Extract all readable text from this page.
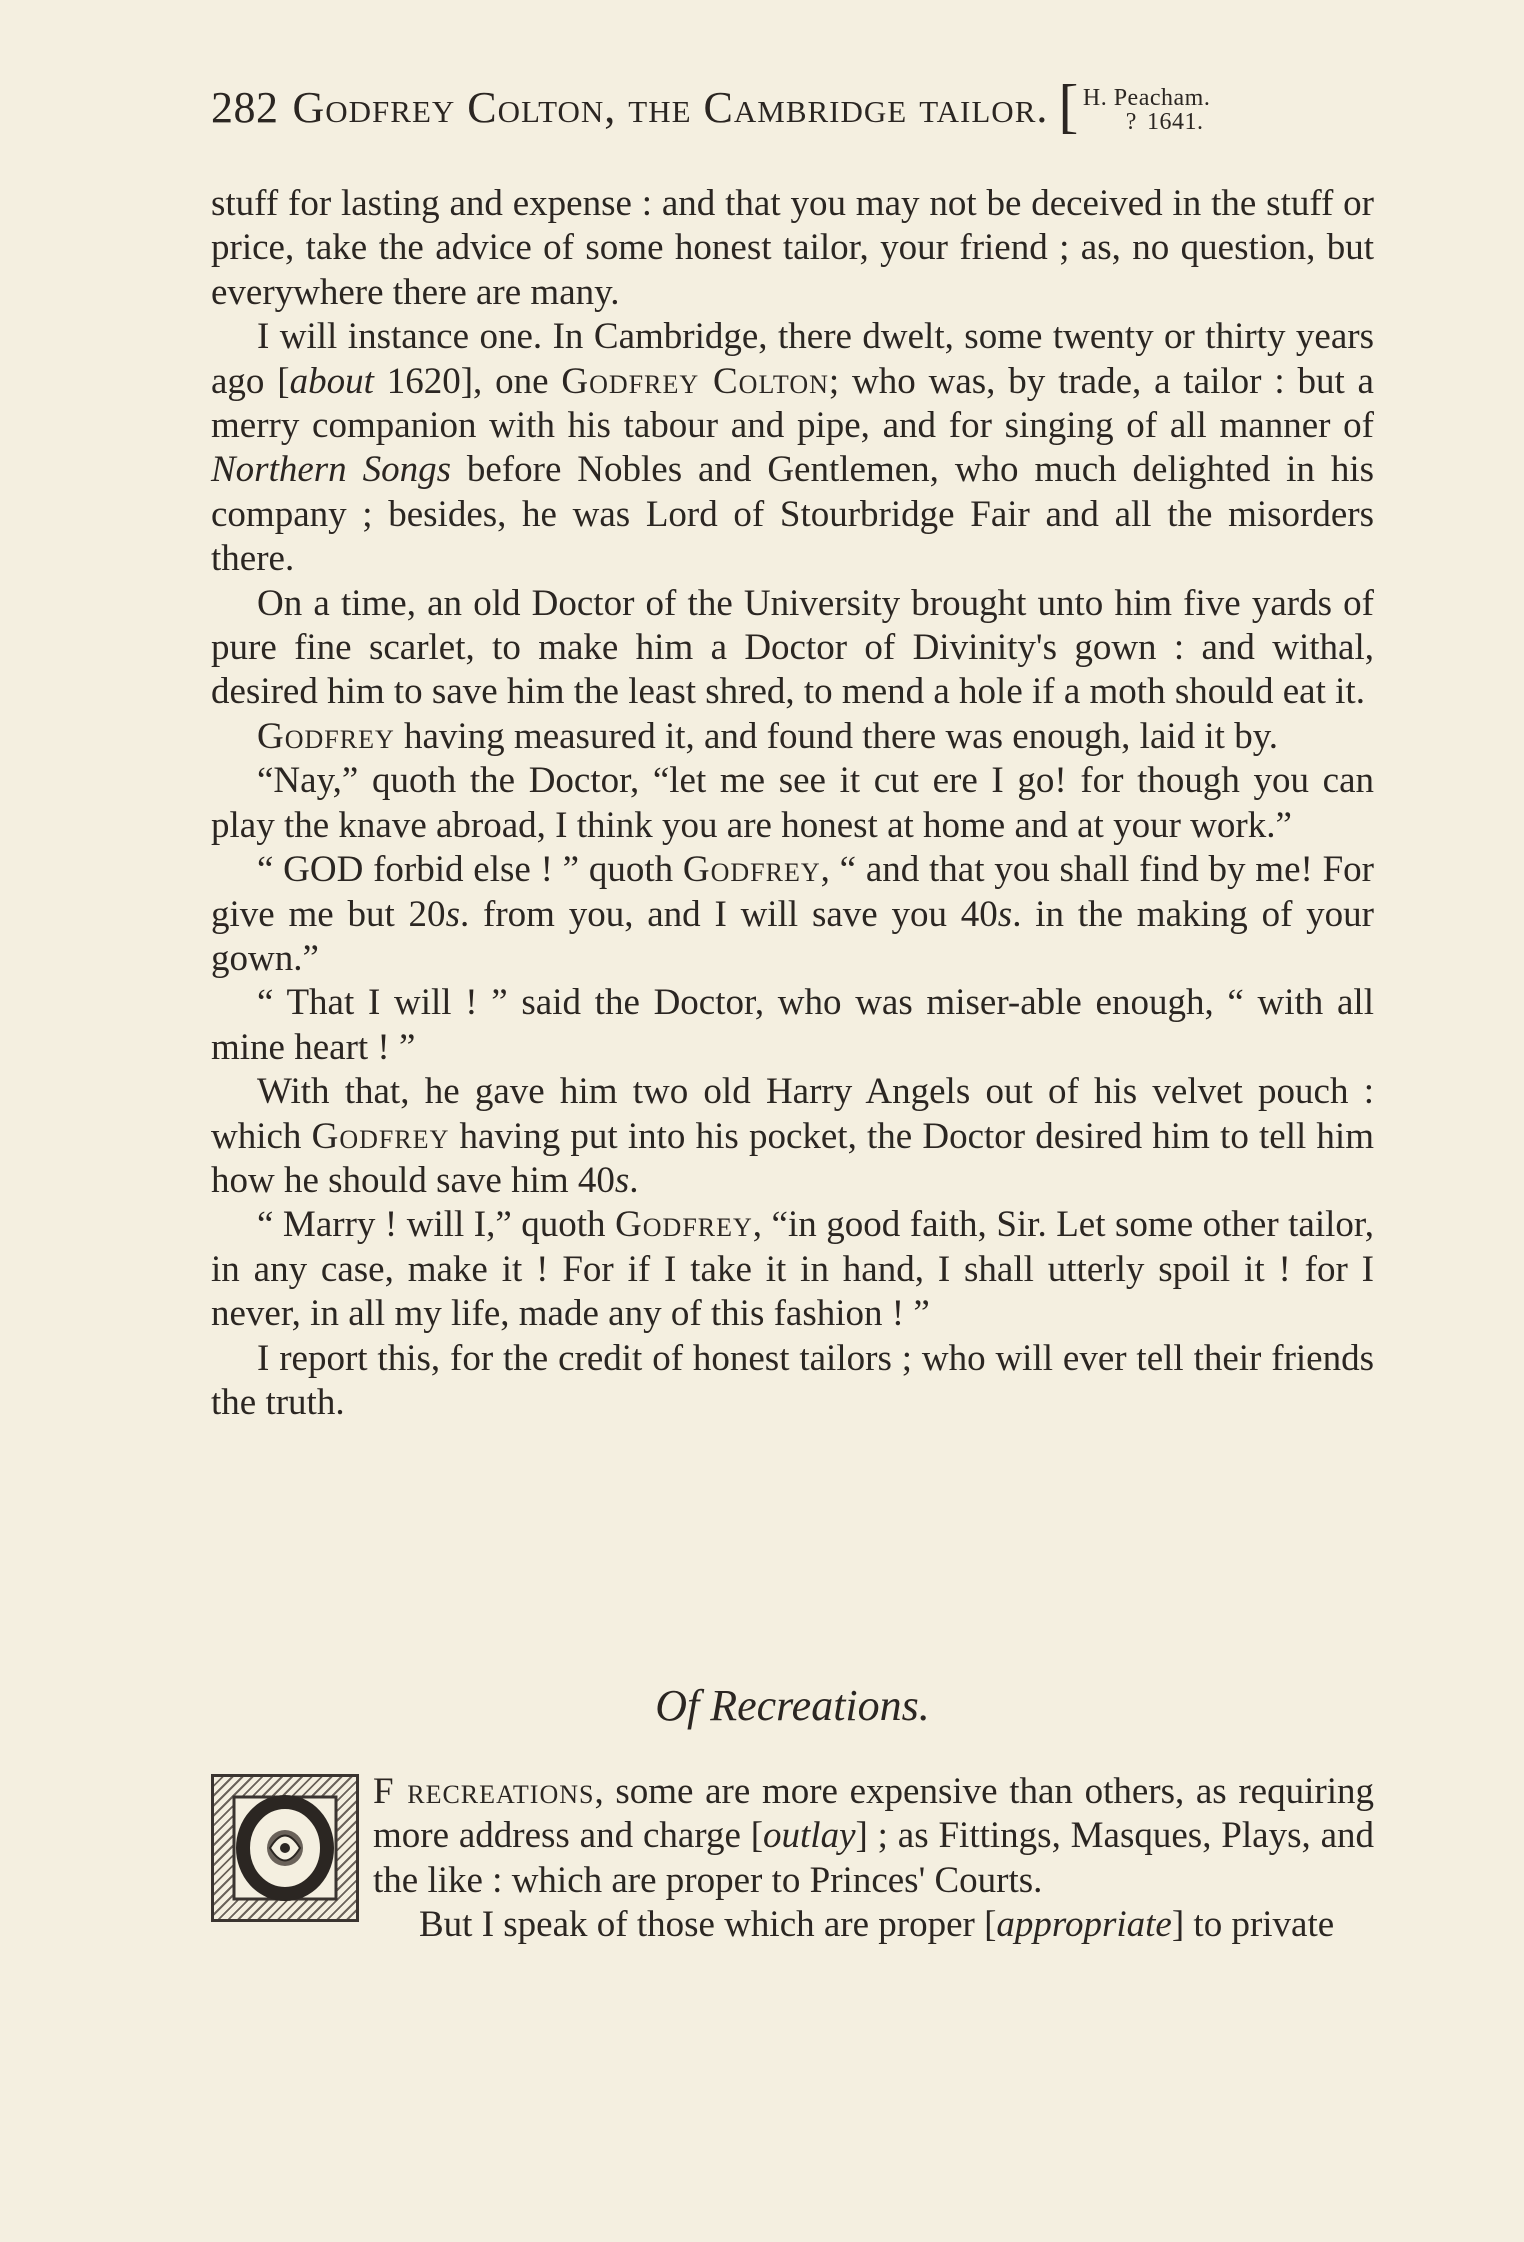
282 Godfrey Colton, the Cambridge tailor. [ H. Peacham.
? 1641.

stuff for lasting and expense : and that you may not be deceived in the stuff or price, take the advice of some honest tailor, your friend ; as, no question, but everywhere there are many.

I will instance one. In Cambridge, there dwelt, some twenty or thirty years ago [about 1620], one Godfrey Colton; who was, by trade, a tailor : but a merry companion with his tabour and pipe, and for singing of all manner of Northern Songs before Nobles and Gentlemen, who much delighted in his company ; besides, he was Lord of Stourbridge Fair and all the misorders there.

On a time, an old Doctor of the University brought unto him five yards of pure fine scarlet, to make him a Doctor of Divinity's gown : and withal, desired him to save him the least shred, to mend a hole if a moth should eat it.

Godfrey having measured it, and found there was enough, laid it by.

“Nay,” quoth the Doctor, “let me see it cut ere I go! for though you can play the knave abroad, I think you are honest at home and at your work.”

“ GOD forbid else ! ” quoth Godfrey, “ and that you shall find by me! For give me but 20s. from you, and I will save you 40s. in the making of your gown.”

“ That I will ! ” said the Doctor, who was miser-able enough, “ with all mine heart ! ”

With that, he gave him two old Harry Angels out of his velvet pouch : which Godfrey having put into his pocket, the Doctor desired him to tell him how he should save him 40s.

“ Marry ! will I,” quoth Godfrey, “in good faith, Sir. Let some other tailor, in any case, make it ! For if I take it in hand, I shall utterly spoil it ! for I never, in all my life, made any of this fashion ! ”

I report this, for the credit of honest tailors ; who will ever tell their friends the truth.

Of Recreations.

F recreations, some are more expensive than others, as requiring more address and charge [outlay] ; as Fittings, Masques, Plays, and the like : which are proper to Princes' Courts.

But I speak of those which are proper [appropriate] to private
